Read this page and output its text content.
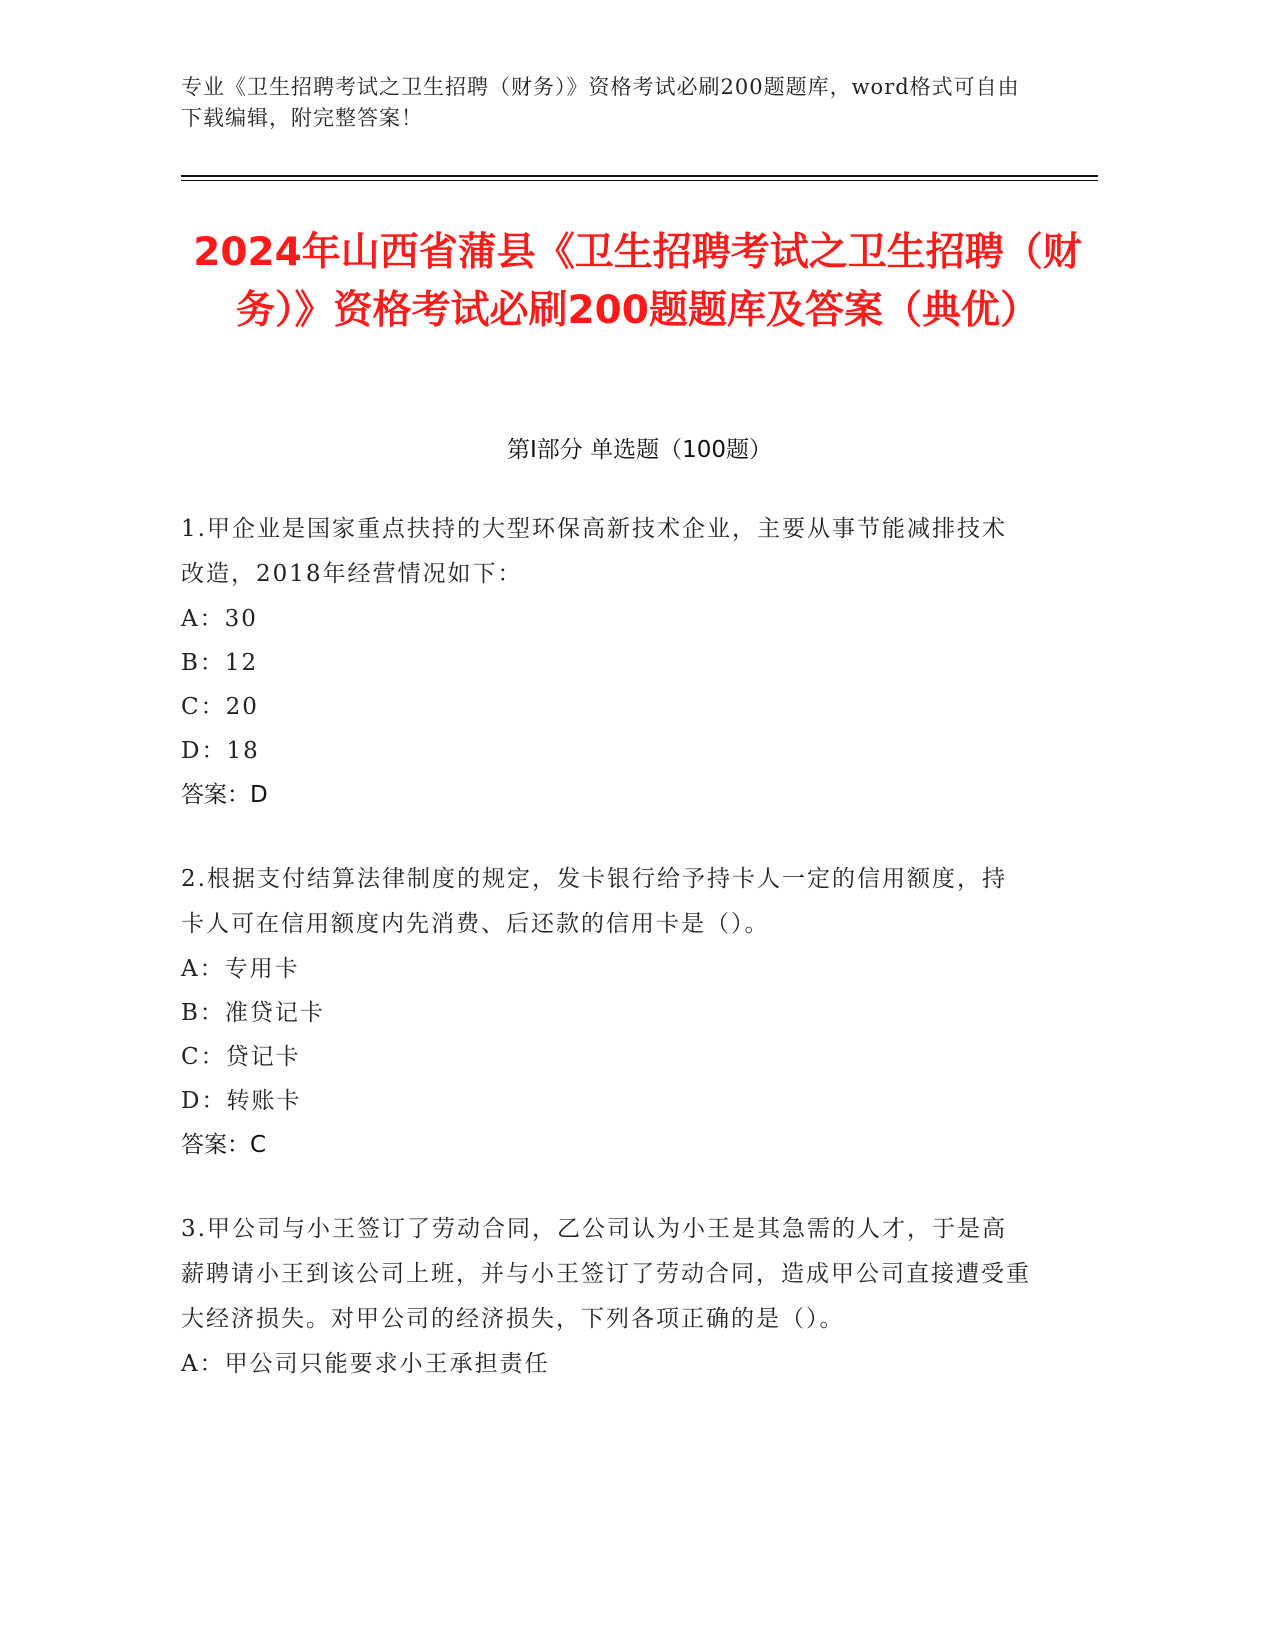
专业《卫生招聘考试之卫生招聘（财务）》资格考试必刷200题题库，word格式可自由下载编辑，附完整答案！
2024年山西省蒲县《卫生招聘考试之卫生招聘（财务）》资格考试必刷200题题库及答案（典优）
第I部分 单选题（100题）
1.甲企业是国家重点扶持的大型环保高新技术企业，主要从事节能减排技术改造，2018年经营情况如下：
A：30
B：12
C：20
D：18
答案：D
2.根据支付结算法律制度的规定，发卡银行给予持卡人一定的信用额度，持卡人可在信用额度内先消费、后还款的信用卡是（）。
A：专用卡
B：准贷记卡
C：贷记卡
D：转账卡
答案：C
3.甲公司与小王签订了劳动合同，乙公司认为小王是其急需的人才，于是高薪聘请小王到该公司上班，并与小王签订了劳动合同，造成甲公司直接遭受重大经济损失。对甲公司的经济损失，下列各项正确的是（）。
A：甲公司只能要求小王承担责任
